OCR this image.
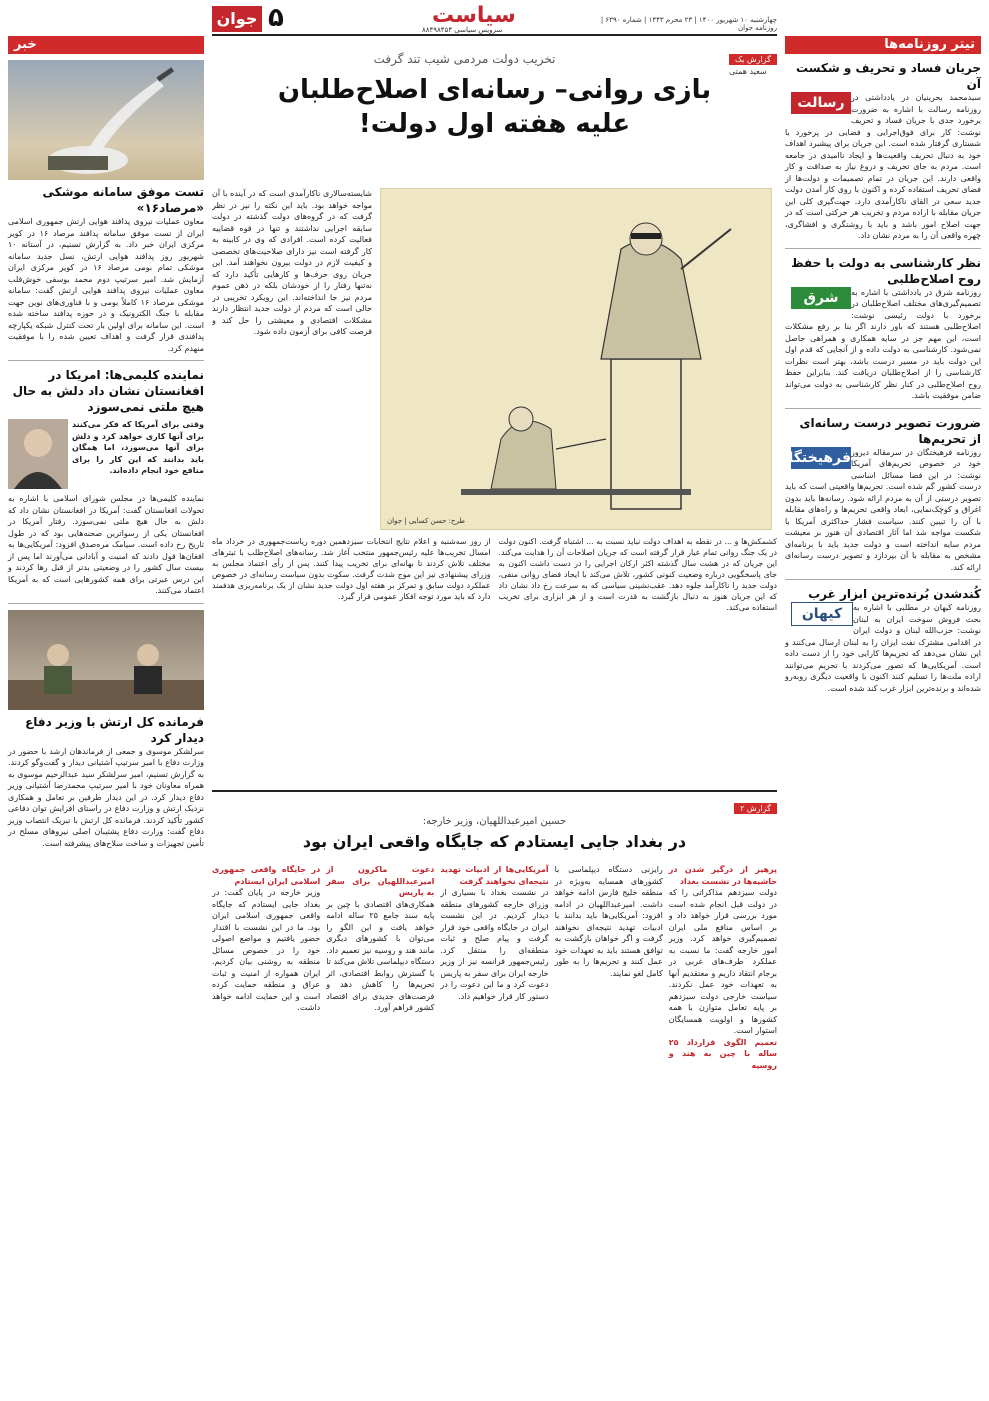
جوان ۵	سیاست
سرویس سیاسی ۸۸۴۹۸۴۵۴
چهارشنبه ۱۰ شهریور ۱۴۰۰ | ۲۳ محرم ۱۴۴۳ | شماره ۶۳۹۰ | روزنامه جوان
تیتر روزنامه‌ها
جریان فساد و تحریف و شکست آن
رسالت سیدمحمد بحرینیان در یادداشتی در روزنامه رسالت با اشاره به ضرورت برخورد جدی با جریان فساد و تحریف نوشت: کار برای فوق‌اجرایی و فضایی در پرخورد با شستاری گرفتار شده است. این جریان برای پیشبرد اهداف خود به دنبال تحریف واقعیت‌ها و ایجاد ناامیدی در جامعه است. مردم به جای تحریف و دروغ نیاز به صداقت و کار واقعی دارند. این جریان در تمام تصمیمات و دولت‌ها از فضای تحریف استفاده کرده و اکنون با روی کار آمدن دولت جدید سعی در القای ناکارآمدی دارد. جهت‌گیری کلی این جریان مقابله با اراده مردم و تخریب هر حرکتی است که در جهت اصلاح امور باشد و باید با روشنگری و افشاگری، چهره واقعی آن را به مردم نشان داد.
نظر کارشناسی به دولت با حفظ روح اصلاح‌طلبی
شرق	روزنامه شرق در یادداشتی با اشاره به تصمیم‌گیری‌های مختلف اصلاح‌طلبان در برخورد با دولت رئیسی نوشت: اصلاح‌طلبی هستند که باور دارند اگر بنا بر رفع مشکلات است، این مهم جز در سایه همکاری و همراهی حاصل نمی‌شود. کارشناسی به دولت داده و از آنجایی که قدم اول این دولت باید در مسیر درست باشد، بهتر است نظرات کارشناسی را از اصلاح‌طلبان دریافت کند. بنابراین حفظ روح اصلاح‌طلبی در کنار نظر کارشناسی به دولت می‌تواند ضامن موفقیت باشد.
ضرورت تصویر درست رسانه‌ای از تحریم‌ها
فرهیختگان روزنامه فرهیختگان در سرمقاله دیروز خود در خصوص تحریم‌های آمریکا نوشت: در این فضا مسائل اساسی درست کشور گم شده است. تحریم‌ها واقعیتی است که باید تصویر درستی از آن به مردم ارائه شود. رسانه‌ها باید بدون اغراق و کوچک‌نمایی، ابعاد واقعی تحریم‌ها و راه‌های مقابله با آن را تبیین کنند. سیاست فشار حداکثری آمریکا با شکست مواجه شد اما آثار اقتصادی آن هنوز بر معیشت مردم سایه انداخته است و دولت جدید باید با برنامه‌ای مشخص به مقابله با آن بپردازد و تصویر درست رسانه‌ای ارائه کند.
کُندشدن بُرنده‌ترین ابزار غرب
کیهان	روزنامه کیهان در مطلبی با اشاره به بحث فروش سوخت ایران به لبنان نوشت: حزب‌الله لبنان و دولت ایران در اقدامی مشترک نفت ایران را به لبنان ارسال می‌کنند و این نشان می‌دهد که تحریم‌ها کارایی خود را از دست داده است. آمریکایی‌ها که تصور می‌کردند با تحریم می‌توانند اراده ملت‌ها را تسلیم کنند اکنون با واقعیت دیگری روبه‌رو شده‌اند و برنده‌ترین ابزار غرب کند شده است.
خبر
تست موفق سامانه موشکی «مرصاد۱۶»
معاون عملیات نیروی پدافند هوایی ارتش جمهوری اسلامی ایران از تست موفق سامانه پدافند مرصاد ۱۶ در کویر مرکزی ایران خبر داد. به گزارش تسنیم، در آستانه ۱۰ شهریور روز پدافند هوایی ارتش، نسل جدید سامانه موشکی تمام بومی مرصاد ۱۶ در کویر مرکزی ایران آزمایش شد. امیر سرتیپ دوم محمد یوسفی خوش‌قلب معاون عملیات نیروی پدافند هوایی ارتش گفت: سامانه موشکی مرصاد ۱۶ کاملاً بومی و با فناوری‌های نوین جهت مقابله با جنگ الکترونیک و در حوزه پدافند ساخته شده است. این سامانه برای اولین بار تحت کنترل شبکه یکپارچه پدافندی قرار گرفت و اهداف تعیین شده را با موفقیت منهدم کرد.
نماینده کلیمی‌ها: امریکا در افغانستان نشان داد دلش به حال هیچ ملتی نمی‌سوزد
وقتی برای آمریکا که فکر می‌کنند برای آنها کاری خواهد کرد و دلش برای آنها می‌سوزد، اما همگان باید بدانند که این کار را برای منافع خود انجام داده‌اند.
نماینده کلیمی‌ها در مجلس شورای اسلامی با اشاره به تحولات افغانستان گفت: آمریکا در افغانستان نشان داد که دلش به حال هیچ ملتی نمی‌سوزد. رفتار آمریکا در افغانستان یکی از رسواترین صحنه‌هایی بود که در طول تاریخ رخ داده است. سیامک مره‌صدق افزود: آمریکایی‌ها به افغان‌ها قول دادند که امنیت و آبادانی می‌آورند اما پس از بیست سال کشور را در وضعیتی بدتر از قبل رها کردند و این درس عبرتی برای همه کشورهایی است که به آمریکا اعتماد می‌کنند.
فرمانده کل ارتش با وزیر دفاع دیدار کرد
سرلشکر موسوی و جمعی از فرماندهان ارشد با حضور در وزارت دفاع با امیر سرتیپ آشتیانی دیدار و گفت‌وگو کردند. به گزارش تسنیم، امیر سرلشکر سید عبدالرحیم موسوی به همراه معاونان خود با امیر سرتیپ محمدرضا آشتیانی وزیر دفاع دیدار کرد. در این دیدار طرفین بر تعامل و همکاری نزدیک ارتش و وزارت دفاع در راستای افزایش توان دفاعی کشور تأکید کردند. فرمانده کل ارتش با تبریک انتصاب وزیر دفاع گفت: وزارت دفاع پشتیبان اصلی نیروهای مسلح در تأمین تجهیزات و ساخت سلاح‌های پیشرفته است.
گزارش یک
سعید همتی
تخریب دولت مردمی شیب تند گرفت
بازی روانی– رسانه‌ای اصلاح‌طلبان
علیه هفته اول دولت!
طرح: حسن کسایی | جوان
شایسته‌سالاری ناکارآمدی است که در آینده با آن مواجه خواهد بود. باید این نکته را نیز در نظر گرفت که در گروه‌های دولت گذشته در دولت سابقه اجرایی نداشتند و تنها در قوه قضاییه فعالیت کرده است. افرادی که وی در کابینه به کار گرفته است نیز دارای صلاحیت‌های تخصصی و کیفیت لازم در دولت بیرون نخواهند آمد. این جریان روی حرف‌ها و کارهایی تأکید دارد که نه‌تنها رفتار را از خودشان بلکه در ذهن عموم مردم نیز جا انداخته‌اند. این رویکرد تخریبی در حالی است که مردم از دولت جدید انتظار دارند مشکلات اقتصادی و معیشتی را حل کند و فرصت کافی برای آزمون داده شود.
کشمکش‌ها و ... در نقطه به اهداف دولت نباید نسبت به ... اشتباه گرفت. اکنون دولت در یک جنگ روانی تمام عیار قرار گرفته است که جریان اصلاحات آن را هدایت می‌کند. این جریان که در هشت سال گذشته اکثر ارکان اجرایی را در دست داشت اکنون به جای پاسخگویی درباره وضعیت کنونی کشور، تلاش می‌کند با ایجاد فضای روانی منفی، دولت جدید را ناکارآمد جلوه دهد. عقب‌نشینی سیاسی که به سرعت رخ داد نشان داد که این جریان هنوز به دنبال بازگشت به قدرت است و از هر ابزاری برای تخریب استفاده می‌کند.
از روز سه‌شنبه و اعلام نتایج انتخابات سیزدهمین دوره ریاست‌جمهوری در خرداد ماه امسال تخریب‌ها علیه رئیس‌جمهور منتخب آغاز شد. رسانه‌های اصلاح‌طلب با تیترهای مختلف تلاش کردند تا بهانه‌ای برای تخریب پیدا کنند. پس از رأی اعتماد مجلس به وزرای پیشنهادی نیز این موج شدت گرفت. سکوت بدون سیاست رسانه‌ای در خصوص عملکرد دولت سابق و تمرکز بر هفته اول دولت جدید نشان از یک برنامه‌ریزی هدفمند دارد که باید مورد توجه افکار عمومی قرار گیرد.
گزارش ۲
حسین امیرعبداللهیان، وزیر خارجه:
در بغداد جایی ایستادم که جایگاه واقعی ایران بود
پرهیز از درگیر شدن در حاشیه‌ها در نشست بغداد
دولت سیزدهم مذاکراتی را که در دولت قبل انجام شده است مورد بررسی قرار خواهد داد و بر اساس منافع ملی ایران تصمیم‌گیری خواهد کرد. وزیر امور خارجه گفت: ما نسبت به عملکرد طرف‌های غربی در برجام انتقاد داریم و معتقدیم آنها به تعهدات خود عمل نکردند. سیاست خارجی دولت سیزدهم بر پایه تعامل متوازن با همه کشورها و اولویت همسایگان استوار است.
تعمیم الگوی قرارداد ۲۵ ساله با چین به هند و روسیه
رایزنی دستگاه دیپلماسی با کشورهای همسایه به‌ویژه در منطقه خلیج فارس ادامه خواهد داشت. امیرعبداللهیان در ادامه افزود: آمریکایی‌ها باید بدانند با ادبیات تهدید نتیجه‌ای نخواهند گرفت و اگر خواهان بازگشت به توافق هستند باید به تعهدات خود عمل کنند و تحریم‌ها را به طور کامل لغو نمایند.
آمریکایی‌ها از ادبیات تهدید نتیجه‌ای نخواهند گرفت
در نشست بغداد با بسیاری از وزرای خارجه کشورهای منطقه دیدار کردیم. در این نشست ایران در جایگاه واقعی خود قرار گرفت و پیام صلح و ثبات منطقه‌ای را منتقل کرد. رئیس‌جمهور فرانسه نیز از وزیر خارجه ایران برای سفر به پاریس دعوت کرد و ما این دعوت را در دستور کار قرار خواهیم داد.
دعوت ماکرون از امیرعبداللهیان برای سفر به پاریس
همکاری‌های اقتصادی با چین بر پایه سند جامع ۲۵ ساله ادامه خواهد یافت و این الگو را می‌توان با کشورهای دیگری مانند هند و روسیه نیز تعمیم داد. دستگاه دیپلماسی تلاش می‌کند تا با گسترش روابط اقتصادی، اثر تحریم‌ها را کاهش دهد و فرصت‌های جدیدی برای اقتصاد کشور فراهم آورد.
در جایگاه واقعی جمهوری اسلامی ایران ایستادم
وزیر خارجه در پایان گفت: در بغداد جایی ایستادم که جایگاه واقعی جمهوری اسلامی ایران بود. ما در این نشست با اقتدار حضور یافتیم و مواضع اصولی خود را در خصوص مسائل منطقه به روشنی بیان کردیم. ایران همواره از امنیت و ثبات عراق و منطقه حمایت کرده است و این حمایت ادامه خواهد داشت.
